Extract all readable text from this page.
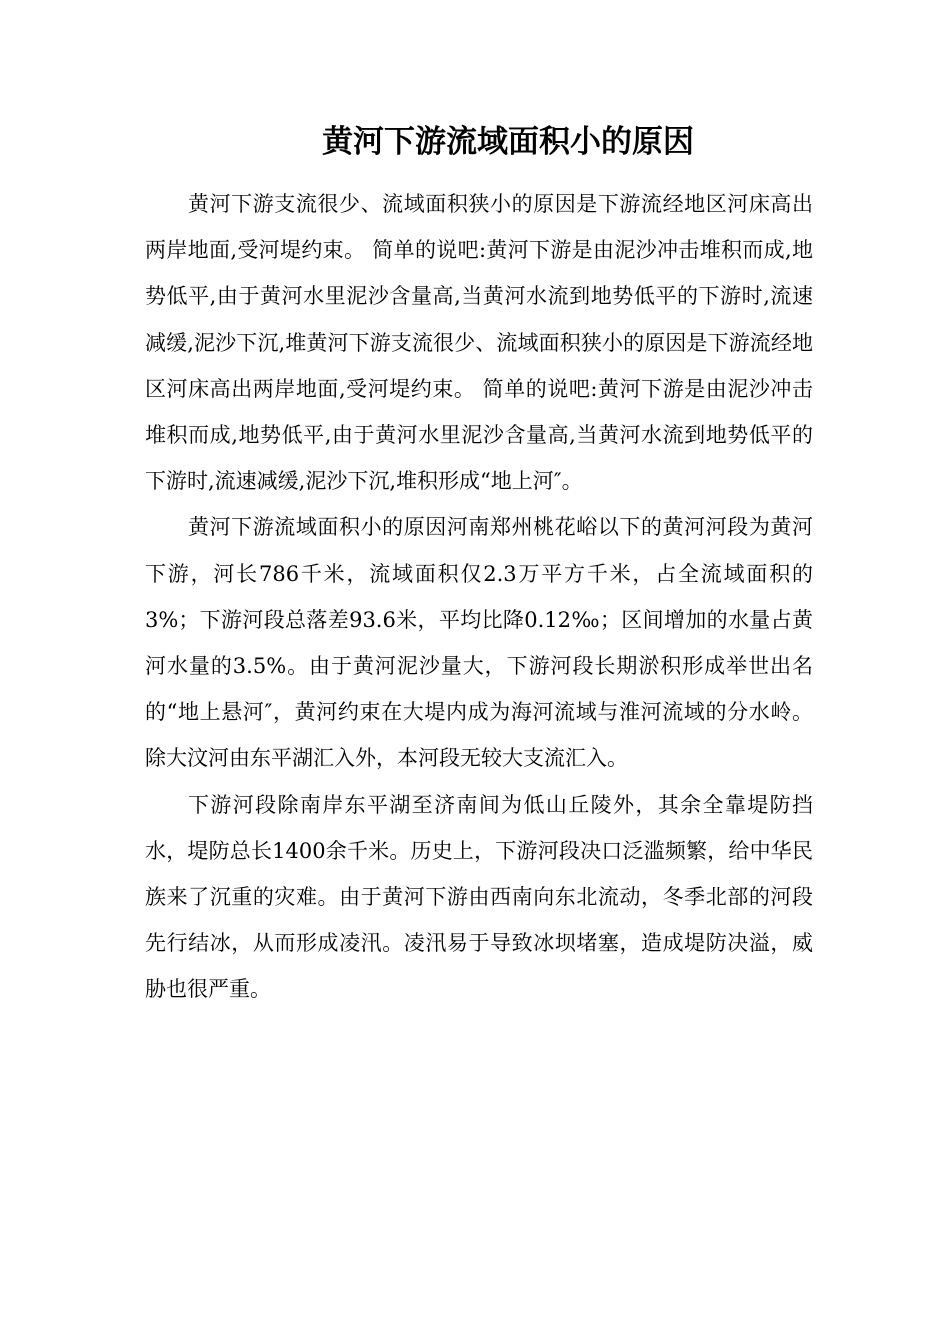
黄河下游流域面积小的原因

黄河下游支流很少、流域面积狭小的原因是下游流经地区河床高出两岸地面,受河堤约束。 简单的说吧:黄河下游是由泥沙冲击堆积而成,地势低平,由于黄河水里泥沙含量高,当黄河水流到地势低平的下游时,流速减缓,泥沙下沉,堆黄河下游支流很少、流域面积狭小的原因是下游流经地区河床高出两岸地面,受河堤约束。 简单的说吧:黄河下游是由泥沙冲击堆积而成,地势低平,由于黄河水里泥沙含量高,当黄河水流到地势低平的下游时,流速减缓,泥沙下沉,堆积形成“地上河″。

黄河下游流域面积小的原因河南郑州桃花峪以下的黄河河段为黄河下游，河长786千米，流域面积仅2.3万平方千米，占全流域面积的3%；下游河段总落差93.6米，平均比降0.12‰；区间增加的水量占黄河水量的3.5%。由于黄河泥沙量大，下游河段长期淤积形成举世出名的“地上悬河″，黄河约束在大堤内成为海河流域与淮河流域的分水岭。除大汶河由东平湖汇入外，本河段无较大支流汇入。

下游河段除南岸东平湖至济南间为低山丘陵外，其余全靠堤防挡水，堤防总长1400余千米。历史上，下游河段决口泛滥频繁，给中华民族来了沉重的灾难。由于黄河下游由西南向东北流动，冬季北部的河段先行结冰，从而形成凌汛。凌汛易于导致冰坝堵塞，造成堤防决溢，威胁也很严重。
